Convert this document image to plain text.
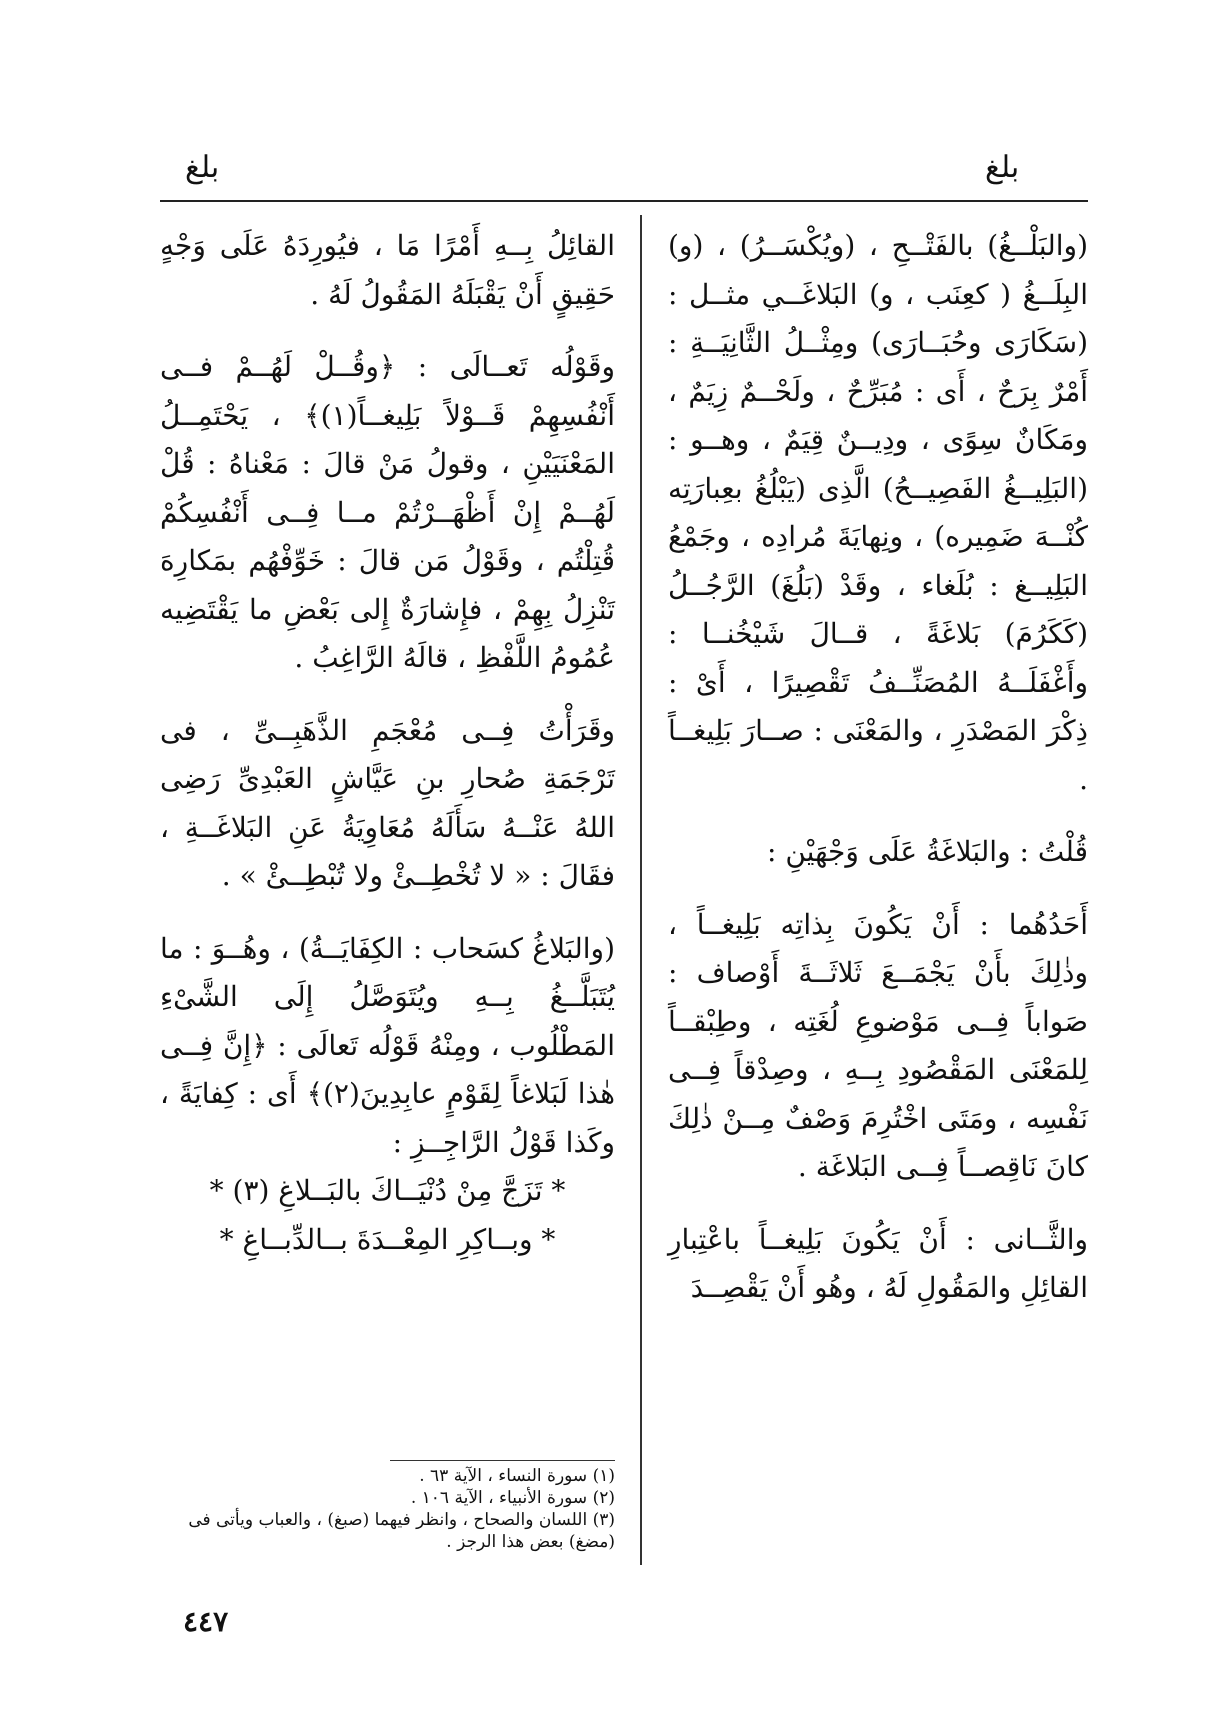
بلغ
بلغ

(والبَلْــغُ) بالفَتْــحِ ، (ويُكْسَــرُ) ، (و) البِلَــغُ ( كعِنَب ، و) البَلاغَــي مثــل : (سَكَارَى وحُبَــارَى) ومِثْــلُ الثَّانِيَــةِ : أَمْرٌ بِرَحٌ ، أَى : مُبَرِّحٌ ، ولَحْــمٌ زِيَمٌ ، ومَكَانٌ سِوًى ، ودِيــنٌ قِيَمٌ ، وهــو : (البَلِيــغُ الفَصِيــحُ) الَّذِى (يَبْلُغُ بعِبارَتِه كُنْــهَ ضَمِيره) ، ونِهايَةَ مُرادِه ، وجَمْعُ البَلِيــغ : بُلَغاء ، وقَدْ (بَلُغَ) الرَّجُــلُ (كَكَرُمَ) بَلاغَةً ، قــالَ شَيْخُنــا : وأَغْفَلَــهُ المُصَنِّــفُ تَقْصِيرًا ، أَىْ : ذِكْرَ المَصْدَرِ ، والمَعْنَى : صــارَ بَلِيغــاً .

قُلْتُ : والبَلاغَةُ عَلَى وَجْهَيْنِ :

أَحَدُهُما : أَنْ يَكُونَ بِذاتِه بَلِيغــاً ، وذٰلِكَ بأَنْ يَجْمَــعَ ثَلاثَــةَ أَوْصاف : صَواباً فِــى مَوْضوعِ لُغَتِه ، وطِبْقــاً لِلمَعْنَى المَقْصُودِ بِــهِ ، وصِدْقاً فِــى نَفْسِه ، ومَتَى اخْتُرِمَ وَصْفٌ مِــنْ ذٰلِكَ كانَ نَاقِصــاً فِــى البَلاغَة .

والثَّــانى : أَنْ يَكُونَ بَلِيغــاً باعْتِبارِ القائِلِ والمَقُولِ لَهُ ، وهُو أَنْ يَقْصِــدَ

القائِلُ بِــهِ أَمْرًا مَا ، فيُورِدَهُ عَلَى وَجْهٍ حَقِيقٍ أَنْ يَقْبَلَهُ المَقُولُ لَهُ .

وقَوْلُه تَعــالَى : ﴿وقُــلْ لَهُــمْ فــى أَنْفُسِهِمْ قَــوْلاً بَلِيغــاً(١)﴾ ، يَحْتَمِــلُ المَعْنَيَيْنِ ، وقولُ مَنْ قالَ : مَعْناهُ : قُلْ لَهُــمْ إِنْ أَظْهَــرْتُمْ مــا فِــى أَنْفُسِكُمْ قُتِلْتُم ، وقَوْلُ مَن قالَ : خَوِّفْهُم بمَكارِهَ تَنْزِلُ بِهِمْ ، فإِشارَةٌ إِلى بَعْضِ ما يَقْتَضِيه عُمُومُ اللَّفْظِ ، قالَهُ الرَّاغِبُ .

وقَرَأْتُ فِــى مُعْجَمِ الذَّهَبِــىِّ ، فى تَرْجَمَةِ صُحارِ بنِ عَيَّاشٍ العَبْدِىِّ رَضِى اللهُ عَنْــهُ سَأَلَهُ مُعَاوِيَةُ عَنِ البَلاغَــةِ ، فقَالَ : « لا تُخْطِــئْ ولا تُبْطِــئْ » .

(والبَلاغُ كسَحاب : الكِفَايَــةُ) ، وهُــوَ : ما يُتَبَلَّــغُ بِــهِ ويُتَوَصَّلُ إِلَى الشَّىْءِ المَطْلُوب ، ومِنْهُ قَوْلُه تَعالَى : ﴿إِنَّ فِــى هٰذا لَبَلاغاً لِقَوْمٍ عابِدِينَ(٢)﴾ أَى : كِفايَةً ، وكَذا قَوْلُ الرَّاجِــزِ :

* تَزَجَّ مِنْ دُنْيَــاكَ بالبَــلاغِ (٣) *

* وبــاكِرِ المِعْــدَةَ بــالدِّبــاغِ *

(١) سورة النساء ، الآية ٦٣ .

(٢) سورة الأنبياء ، الآية ١٠٦ .

(٣) اللسان والصحاح ، وانظر فيهما (صبغ) ، والعباب ويأتى فى (مضغ) بعض هذا الرجز .

٤٤٧
